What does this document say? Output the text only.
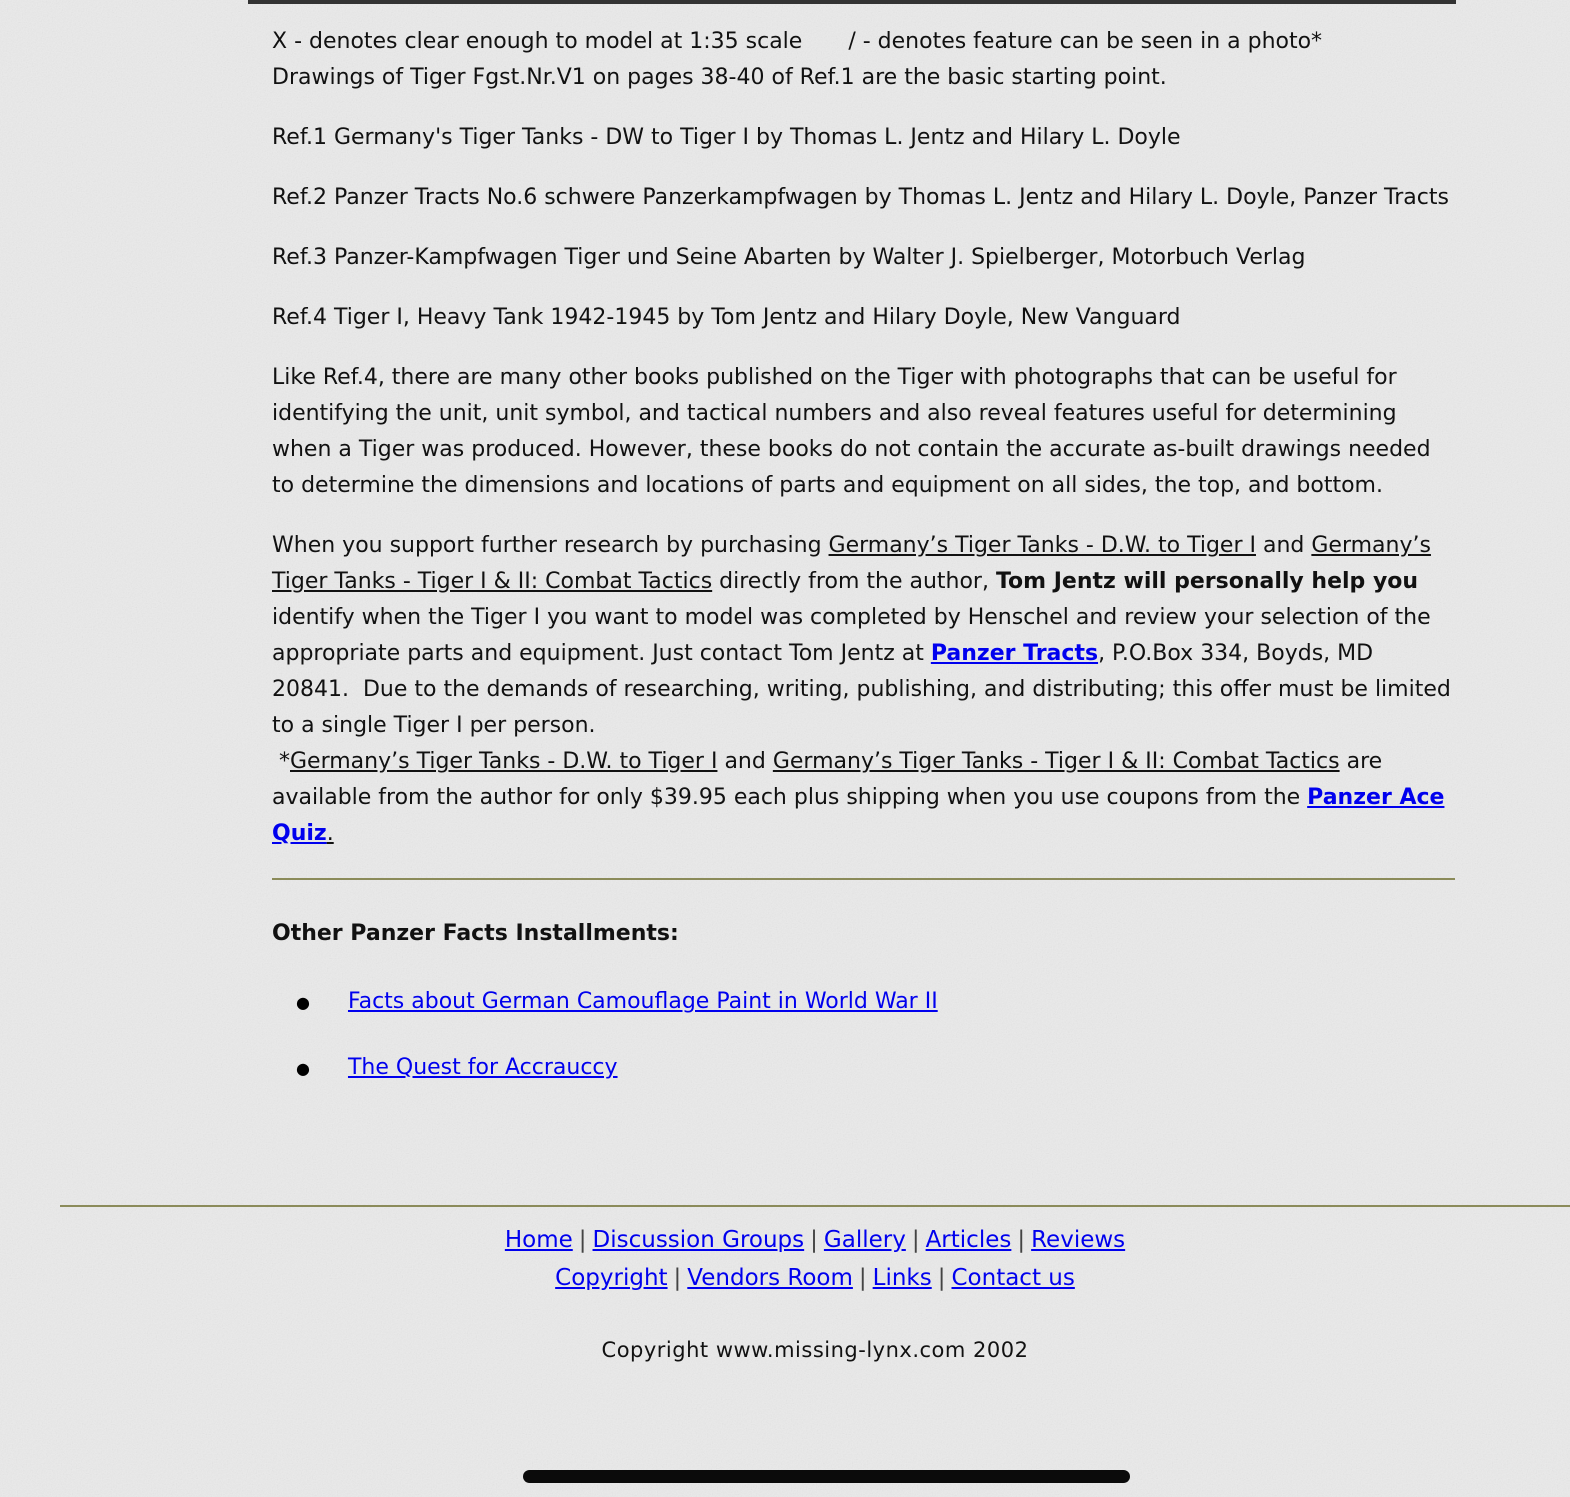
X - denotes clear enough to model at 1:35 scale / - denotes feature can be seen in a photo*
Drawings of Tiger Fgst.Nr.V1 on pages 38-40 of Ref.1 are the basic starting point.

Ref.1 Germany's Tiger Tanks - DW to Tiger I by Thomas L. Jentz and Hilary L. Doyle

Ref.2 Panzer Tracts No.6 schwere Panzerkampfwagen by Thomas L. Jentz and Hilary L. Doyle, Panzer Tracts

Ref.3 Panzer-Kampfwagen Tiger und Seine Abarten by Walter J. Spielberger, Motorbuch Verlag

Ref.4 Tiger I, Heavy Tank 1942-1945 by Tom Jentz and Hilary Doyle, New Vanguard

Like Ref.4, there are many other books published on the Tiger with photographs that can be useful for identifying the unit, unit symbol, and tactical numbers and also reveal features useful for determining when a Tiger was produced. However, these books do not contain the accurate as-built drawings needed to determine the dimensions and locations of parts and equipment on all sides, the top, and bottom.

When you support further research by purchasing Germany’s Tiger Tanks - D.W. to Tiger I and Germany’s Tiger Tanks - Tiger I & II: Combat Tactics directly from the author, Tom Jentz will personally help you identify when the Tiger I you want to model was completed by Henschel and review your selection of the appropriate parts and equipment. Just contact Tom Jentz at Panzer Tracts, P.O.Box 334, Boyds, MD 20841.  Due to the demands of researching, writing, publishing, and distributing; this offer must be limited to a single Tiger I per person.
*Germany’s Tiger Tanks - D.W. to Tiger I and Germany’s Tiger Tanks - Tiger I & II: Combat Tactics are available from the author for only $39.95 each plus shipping when you use coupons from the Panzer Ace Quiz.

Other Panzer Facts Installments:
● Facts about German Camouflage Paint in World War II
● The Quest for Accrauccy
Home | Discussion Groups | Gallery | Articles | Reviews
Copyright | Vendors Room | Links | Contact us
Copyright www.missing-lynx.com 2002
